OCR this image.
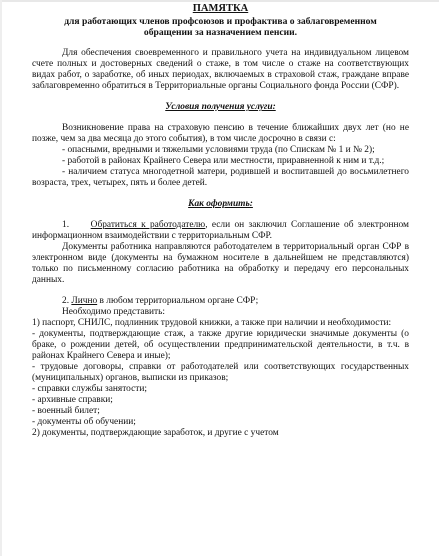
ПАМЯТКА
для работающих членов профсоюзов и профактива о заблаговременном
обращении за назначением пенсии.

Для обеспечения своевременного и правильного учета на индивидуальном лицевом счете полных и достоверных сведений о стаже, в том числе о стаже на соответствующих видах работ, о заработке, об иных периодах, включаемых в страховой стаж, граждане вправе заблаговременно обратиться в Территориальные органы Социального фонда России (СФР).

Условия получения услуги:

Возникновение права на страховую пенсию в течение ближайших двух лет (но не позже, чем за два месяца до этого события), в том числе досрочно в связи с:

- опасными, вредными и тяжелыми условиями труда (по Спискам № 1 и № 2);

- работой в районах Крайнего Севера или местности, приравненной к ним и т.д.;

- наличием статуса многодетной матери, родившей и воспитавшей до восьмилетнего возраста, трех, четырех, пять и более детей.

Как оформить:

1. Обратиться к работодателю, если он заключил Соглашение об электронном информационном взаимодействии с территориальным СФР.

Документы работника направляются работодателем в территориальный орган СФР в электронном виде (документы на бумажном носителе в дальнейшем не представляются) только по письменному согласию работника на обработку и передачу его персональных данных.

2. Лично в любом территориальном органе СФР;

Необходимо представить:

1) паспорт, СНИЛС, подлинник трудовой книжки, а также при наличии и необходимости:

- документы, подтверждающие стаж, а также другие юридически значимые документы (о браке, о рождении детей, об осуществлении предпринимательской деятельности, в т.ч. в районах Крайнего Севера и иные);

- трудовые договоры, справки от работодателей или соответствующих государственных (муниципальных) органов, выписки из приказов;

- справки службы занятости;

- архивные справки;

- военный билет;

- документы об обучении;

2) документы, подтверждающие заработок, и другие с учетом
